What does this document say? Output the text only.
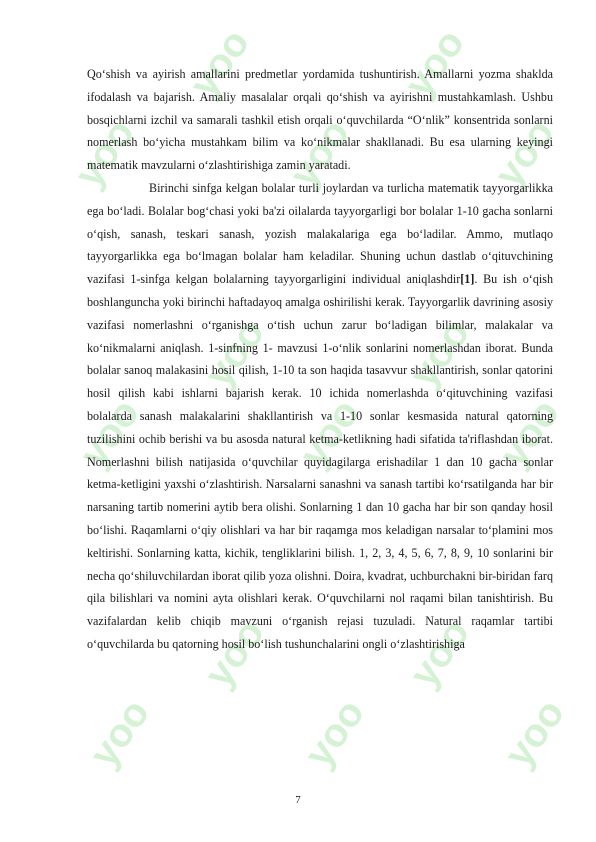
yoo
yoo
yoo
yoo
yoo
yoo
yoo
yoo
yoo
yoo
yoo
yoo
yoo
yoo
yoo

Qo‘shish va ayirish amallarini predmetlar yordamida tushuntirish. Amallarni yozma shaklda ifodalash va bajarish. Amaliy masalalar orqali qo‘shish va ayirishni mustahkamlash. Ushbu bosqichlarni izchil va samarali tashkil etish orqali o‘quvchilarda “O‘nlik” konsentrida sonlarni nomerlash bo‘yicha mustahkam bilim va ko‘nikmalar shakllanadi. Bu esa ularning keyingi matematik mavzularni o‘zlashtirishiga zamin yaratadi.

Birinchi sinfga kelgan bolalar turli joylardan va turlicha matematik tayyorgarlikka ega bo‘ladi. Bolalar bog‘chasi yoki ba'zi oilalarda tayyorgarligi bor bolalar 1-10 gacha sonlarni o‘qish, sanash, teskari sanash, yozish malakalariga ega bo‘ladilar. Ammo, mutlaqo tayyorgarlikka ega bo‘lmagan bolalar ham keladilar. Shuning uchun dastlab o‘qituvchining vazifasi 1-sinfga kelgan bolalarning tayyorgarligini individual aniqlashdir[1]. Bu ish o‘qish boshlanguncha yoki birinchi haftadayoq amalga oshirilishi kerak. Tayyorgarlik davrining asosiy vazifasi nomerlashni o‘rganishga o‘tish uchun zarur bo‘ladigan bilimlar, malakalar va ko‘nikmalarni aniqlash. 1-sinfning 1- mavzusi 1-o‘nlik sonlarini nomerlashdan iborat. Bunda bolalar sanoq malakasini hosil qilish, 1-10 ta son haqida tasavvur shakllantirish, sonlar qatorini hosil qilish kabi ishlarni bajarish kerak. 10 ichida nomerlashda o‘qituvchining vazifasi bolalarda sanash malakalarini shakllantirish va 1-10 sonlar kesmasida natural qatorning tuzilishini ochib berishi va bu asosda natural ketma-ketlikning hadi sifatida ta'riflashdan iborat. Nomerlashni bilish natijasida o‘quvchilar quyidagilarga erishadilar 1 dan 10 gacha sonlar ketma-ketligini yaxshi o‘zlashtirish. Narsalarni sanashni va sanash tartibi ko‘rsatilganda har bir narsaning tartib nomerini aytib bera olishi. Sonlarning 1 dan 10 gacha har bir son qanday hosil bo‘lishi. Raqamlarni o‘qiy olishlari va har bir raqamga mos keladigan narsalar to‘plamini mos keltirishi. Sonlarning katta, kichik, tengliklarini bilish. 1, 2, 3, 4, 5, 6, 7, 8, 9, 10 sonlarini bir necha qo‘shiluvchilardan iborat qilib yoza olishni. Doira, kvadrat, uchburchakni bir-biridan farq qila bilishlari va nomini ayta olishlari kerak. O‘quvchilarni nol raqami bilan tanishtirish. Bu vazifalardan kelib chiqib mavzuni o‘rganish rejasi tuzuladi. Natural raqamlar tartibi o‘quvchilarda bu qatorning hosil bo‘lish tushunchalarini ongli o‘zlashtirishiga

7
